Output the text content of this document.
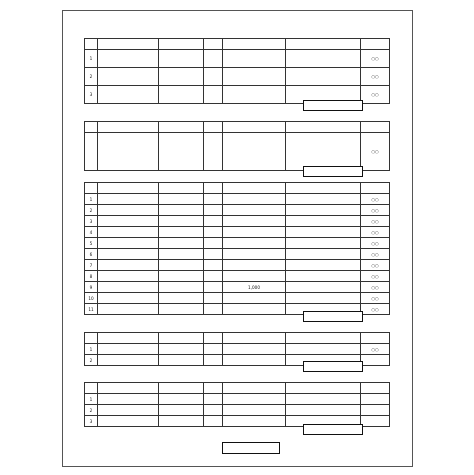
1						○○
2						○○
3						○○

						○○

1						○○
2						○○
3						○○
4						○○
5						○○
6						○○
7						○○
8						○○
9				1,000		○○
10						○○
11						○○

1						○○
2						

1						
2						
3						
